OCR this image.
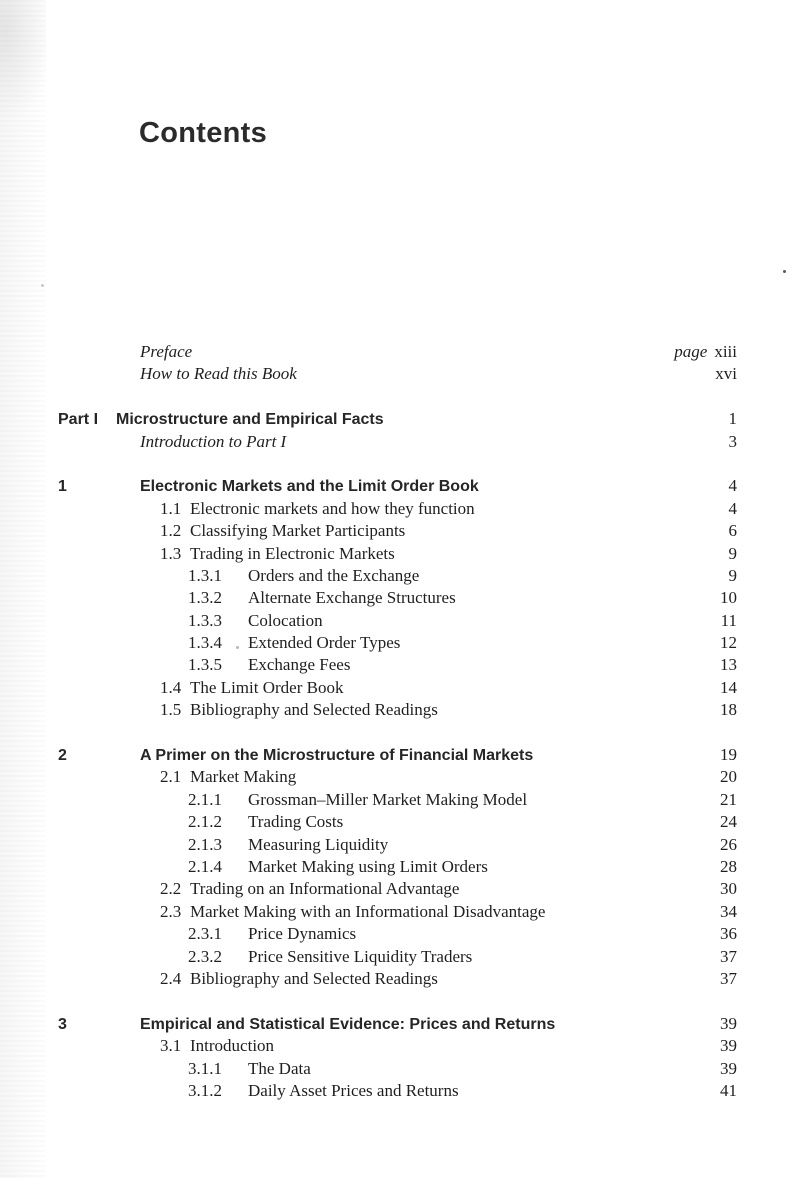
Contents
Preface	page xiii
How to Read this Book	xvi
Part I	Microstructure and Empirical Facts	1
Introduction to Part I	3
1	Electronic Markets and the Limit Order Book	4
1.1 Electronic markets and how they function	4
1.2 Classifying Market Participants	6
1.3 Trading in Electronic Markets	9
1.3.1	Orders and the Exchange	9
1.3.2	Alternate Exchange Structures	10
1.3.3	Colocation	11
1.3.4	Extended Order Types	12
1.3.5	Exchange Fees	13
1.4 The Limit Order Book	14
1.5 Bibliography and Selected Readings	18
2	A Primer on the Microstructure of Financial Markets	19
2.1 Market Making	20
2.1.1	Grossman–Miller Market Making Model	21
2.1.2	Trading Costs	24
2.1.3	Measuring Liquidity	26
2.1.4	Market Making using Limit Orders	28
2.2 Trading on an Informational Advantage	30
2.3 Market Making with an Informational Disadvantage	34
2.3.1	Price Dynamics	36
2.3.2	Price Sensitive Liquidity Traders	37
2.4 Bibliography and Selected Readings	37
3	Empirical and Statistical Evidence: Prices and Returns	39
3.1 Introduction	39
3.1.1	The Data	39
3.1.2	Daily Asset Prices and Returns	41
